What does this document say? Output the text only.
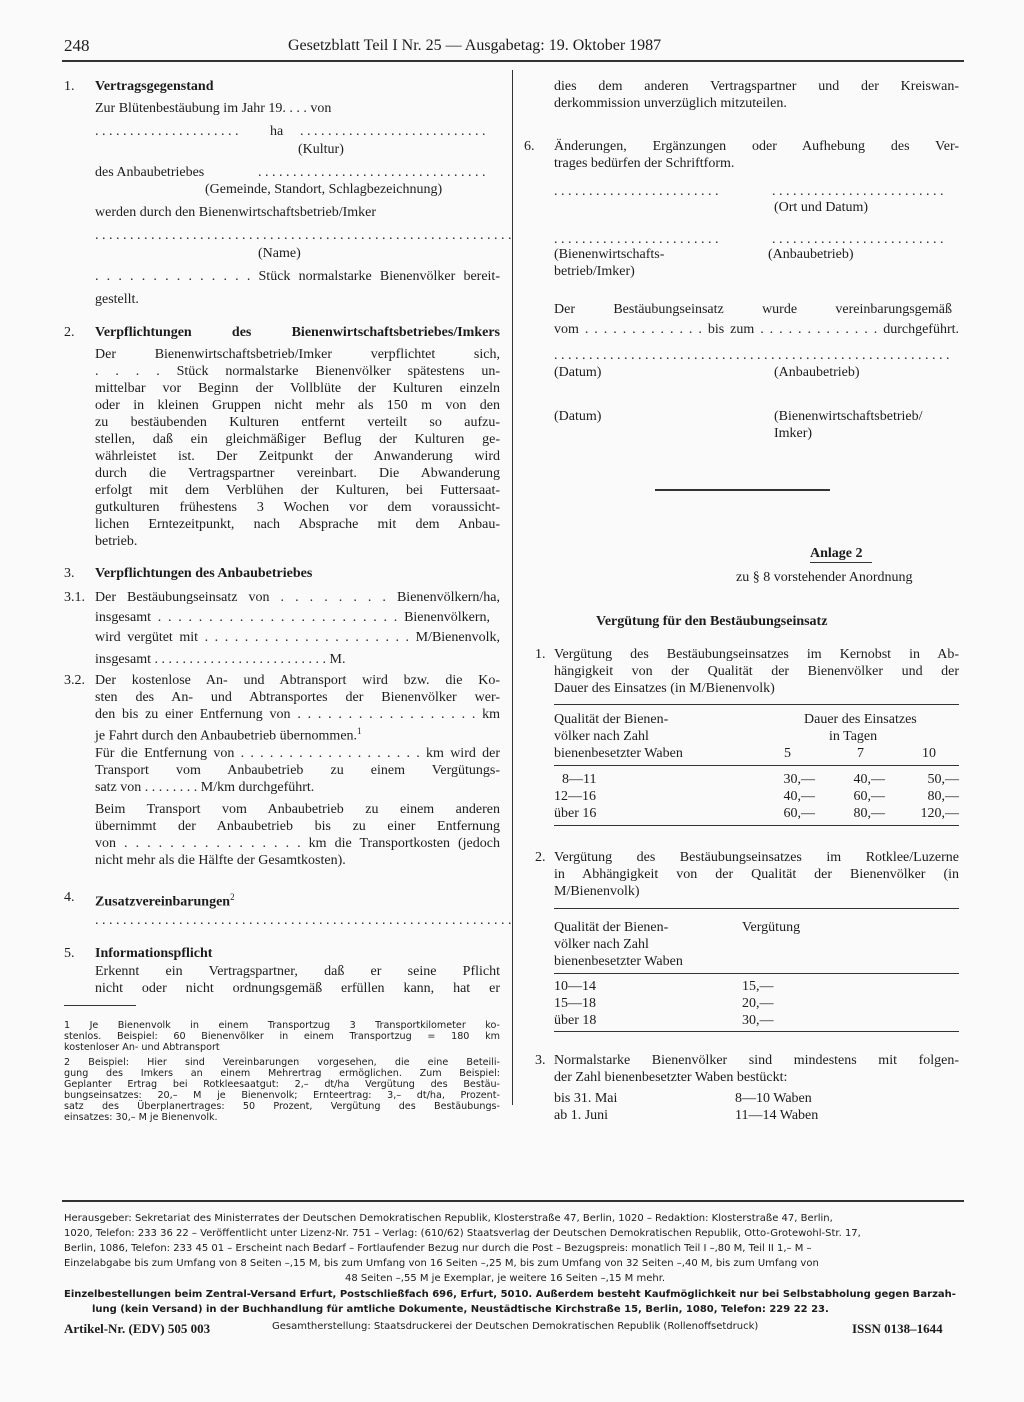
248	Gesetzblatt Teil I Nr. 25 — Ausgabetag: 19. Oktober 1987
1. Vertragsgegenstand
Zur Blütenbestäubung im Jahr 19. . . . von
. . . . . . . . . . . . . . . . . . . . . ha . . . . . . . . . . . . . . . . . . . . . . . . . . .
(Kultur)
des Anbaubetriebes	. . . . . . . . . . . . . . . . . . . . . . . . . . . . . . . . .
(Gemeinde, Standort, Schlagbezeichnung)
werden durch den Bienenwirtschaftsbetrieb/Imker
. . . . . . . . . . . . . . . . . . . . . . . . . . . . . . . . . . . . . . . . . . . . . . . . . . . . . . . . . . . .
(Name)
. . . . . . . . . . . . . . Stück normalstarke Bienenvölker bereit-
gestellt.
2. Verpflichtungen des Bienenwirtschaftsbetriebes/Imkers
Der Bienenwirtschaftsbetrieb/Imker verpflichtet sich,
. . . . Stück normalstarke Bienenvölker spätestens un-
mittelbar vor Beginn der Vollblüte der Kulturen einzeln
oder in kleinen Gruppen nicht mehr als 150 m von den
zu bestäubenden Kulturen entfernt verteilt so aufzu-
stellen, daß ein gleichmäßiger Beflug der Kulturen ge-
währleistet ist. Der Zeitpunkt der Anwanderung wird
durch die Vertragspartner vereinbart. Die Abwanderung
erfolgt mit dem Verblühen der Kulturen, bei Futtersaat-
gutkulturen frühestens 3 Wochen vor dem voraussicht-
lichen Erntezeitpunkt, nach Absprache mit dem Anbau-
betrieb.
3. Verpflichtungen des Anbaubetriebes
3.1. Der Bestäubungseinsatz von . . . . . . . . Bienenvölkern/ha,
insgesamt . . . . . . . . . . . . . . . . . . . . . . . . Bienenvölkern,
wird vergütet mit . . . . . . . . . . . . . . . . . . . . . M/Bienenvolk,
insgesamt . . . . . . . . . . . . . . . . . . . . . . . . . M.
3.2. Der kostenlose An- und Abtransport wird bzw. die Ko-
sten des An- und Abtransportes der Bienenvölker wer-
den bis zu einer Entfernung von . . . . . . . . . . . . . . . . . . km
je Fahrt durch den Anbaubetrieb übernommen.$^1$
Für die Entfernung von . . . . . . . . . . . . . . . . . . . km wird der
Transport vom Anbaubetrieb zu einem Vergütungs-
satz von . . . . . . . . M/km durchgeführt.
Beim Transport vom Anbaubetrieb zu einem anderen
übernimmt der Anbaubetrieb bis zu einer Entfernung
von . . . . . . . . . . . . . . . . km die Transportkosten (jedoch
nicht mehr als die Hälfte der Gesamtkosten).
4. Zusatzvereinbarungen$^2$
. . . . . . . . . . . . . . . . . . . . . . . . . . . . . . . . . . . . . . . . . . . . . . . . . . . . . . . . . . . .
5. Informationspflicht
Erkennt ein Vertragspartner, daß er seine Pflicht
nicht oder nicht ordnungsgemäß erfüllen kann, hat er
1 Je Bienenvolk in einem Transportzug 3 Transportkilometer ko-
stenlos. Beispiel: 60 Bienenvölker in einem Transportzug = 180 km
kostenloser An- und Abtransport
2 Beispiel: Hier sind Vereinbarungen vorgesehen, die eine Beteili-
gung des Imkers an einem Mehrertrag ermöglichen. Zum Beispiel:
Geplanter Ertrag bei Rotkleesaatgut: 2,– dt/ha Vergütung des Bestäu-
bungseinsatzes: 20,– M je Bienenvolk; Ernteertrag: 3,– dt/ha, Prozent-
satz des Überplanertrages: 50 Prozent, Vergütung des Bestäubungs-
einsatzes: 30,– M je Bienenvolk.
dies dem anderen Vertragspartner und der Kreiswan-
derkommission unverzüglich mitzuteilen.
6. Änderungen, Ergänzungen oder Aufhebung des Ver-
trages bedürfen der Schriftform.
. . . . . . . . . . . . . . . . . . . . . . . .	. . . . . . . . . . . . . . . . . . . . . . . . .
(Ort und Datum)
. . . . . . . . . . . . . . . . . . . . . . . .	. . . . . . . . . . . . . . . . . . . . . . . . .
(Bienenwirtschafts-
betrieb/Imker)
(Anbaubetrieb)
Der Bestäubungseinsatz wurde vereinbarungsgemäß
vom . . . . . . . . . . . . . bis zum . . . . . . . . . . . . . durchgeführt.
. . . . . . . . . . . . . . . . . . . . . . . . . . . . . . . . . . . . . . . . . . . . . . . . . . . . . . . . .
(Datum)	(Anbaubetrieb)
(Datum)	(Bienenwirtschaftsbetrieb/
Imker)
Anlage 2
zu § 8 vorstehender Anordnung
Vergütung für den Bestäubungseinsatz
1. Vergütung des Bestäubungseinsatzes im Kernobst in Ab-
hängigkeit von der Qualität der Bienenvölker und der
Dauer des Einsatzes (in M/Bienenvolk)
Qualität der Bienen-
völker nach Zahl
bienenbesetzter Waben
Dauer des Einsatzes
in Tagen
5	7	10
8—11	30,—	40,—	50,—
12—16	40,—	60,—	80,—
über 16	60,—	80,—	120,—
2. Vergütung des Bestäubungseinsatzes im Rotklee/Luzerne
in Abhängigkeit von der Qualität der Bienenvölker (in
M/Bienenvolk)
Qualität der Bienen-
völker nach Zahl
bienenbesetzter Waben
Vergütung
10—14	15,—
15—18	20,—
über 18	30,—
3. Normalstarke Bienenvölker sind mindestens mit folgen-
der Zahl bienenbesetzter Waben bestückt:
bis 31. Mai	8—10 Waben
ab 1. Juni	11—14 Waben
Herausgeber: Sekretariat des Ministerrates der Deutschen Demokratischen Republik, Klosterstraße 47, Berlin, 1020 – Redaktion: Klosterstraße 47, Berlin,
1020, Telefon: 233 36 22 – Veröffentlicht unter Lizenz-Nr. 751 – Verlag: (610/62) Staatsverlag der Deutschen Demokratischen Republik, Otto-Grotewohl-Str. 17,
Berlin, 1086, Telefon: 233 45 01 – Erscheint nach Bedarf – Fortlaufender Bezug nur durch die Post – Bezugspreis: monatlich Teil I –,80 M, Teil II 1,– M –
Einzelabgabe bis zum Umfang von 8 Seiten –,15 M, bis zum Umfang von 16 Seiten –,25 M, bis zum Umfang von 32 Seiten –,40 M, bis zum Umfang von
48 Seiten –,55 M je Exemplar, je weitere 16 Seiten –,15 M mehr.
Einzelbestellungen beim Zentral-Versand Erfurt, Postschließfach 696, Erfurt, 5010. Außerdem besteht Kaufmöglichkeit nur bei Selbstabholung gegen Barzah-
lung (kein Versand) in der Buchhandlung für amtliche Dokumente, Neustädtische Kirchstraße 15, Berlin, 1080, Telefon: 229 22 23.
Artikel-Nr. (EDV) 505 003	Gesamtherstellung: Staatsdruckerei der Deutschen Demokratischen Republik (Rollenoffsetdruck)	ISSN 0138–1644
